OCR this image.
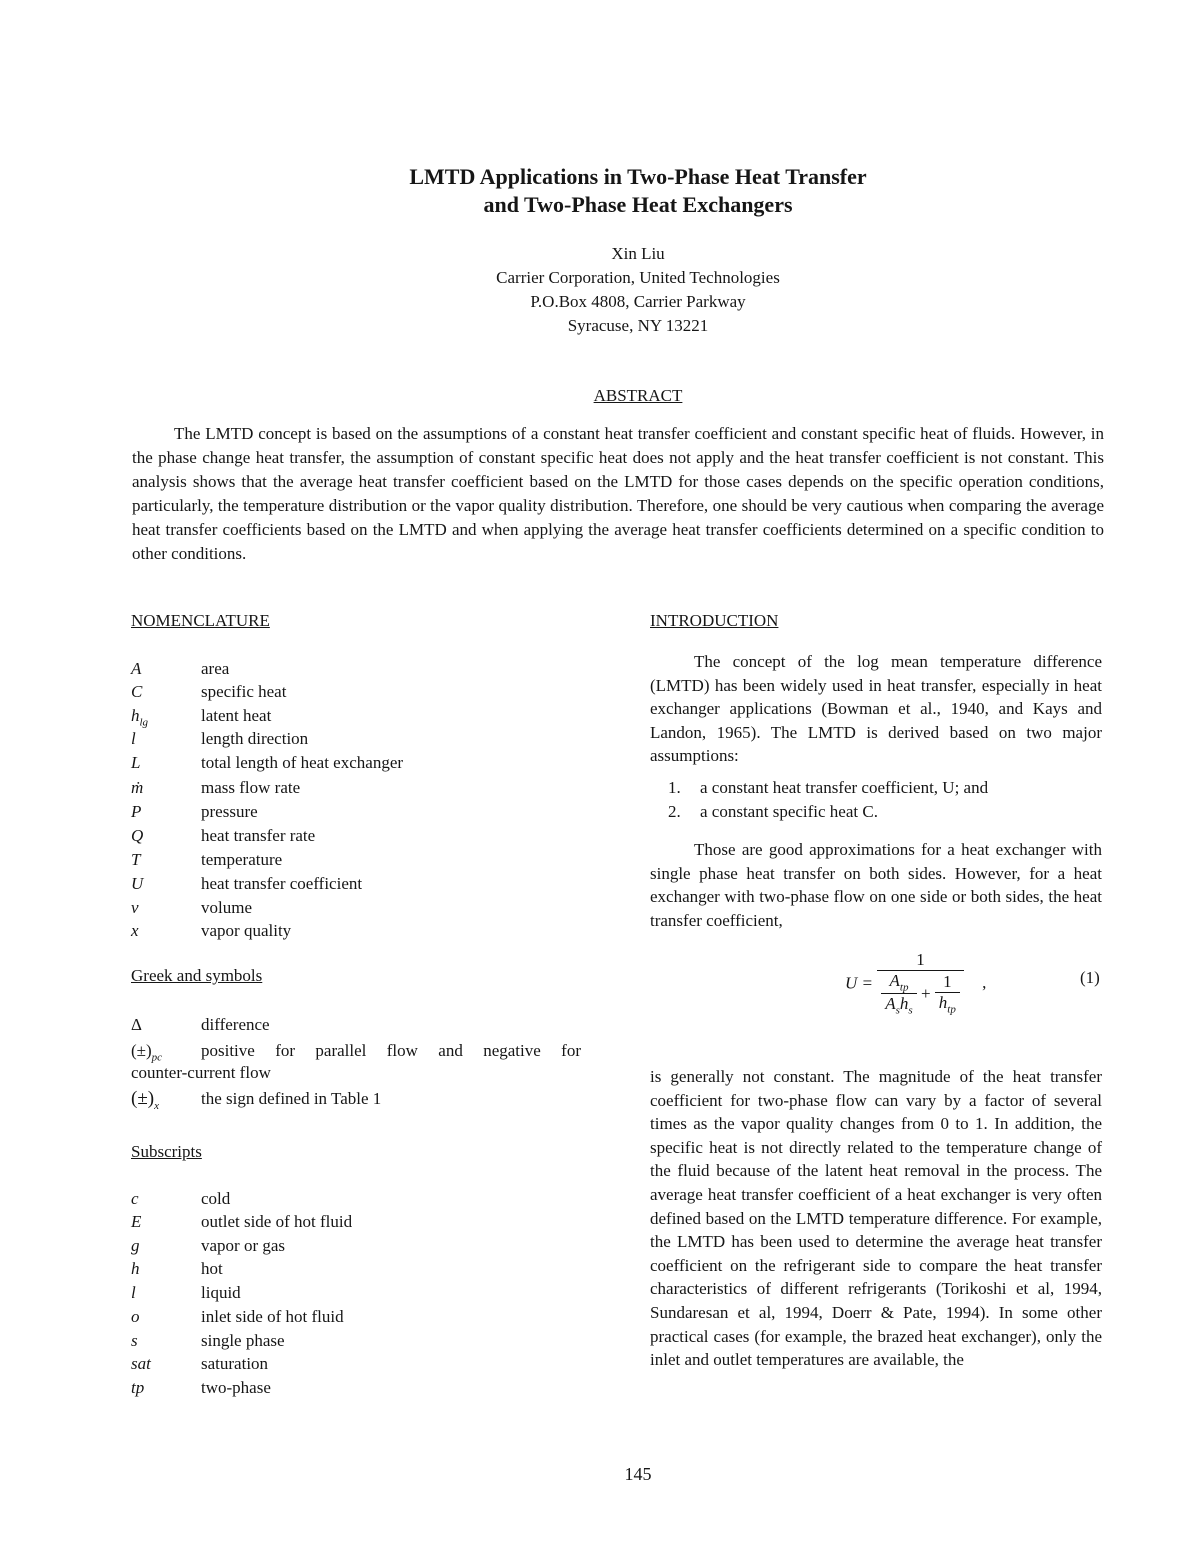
LMTD Applications in Two-Phase Heat Transfer
and Two-Phase Heat Exchangers
Xin Liu
Carrier Corporation, United Technologies
P.O.Box 4808, Carrier Parkway
Syracuse, NY 13221
ABSTRACT

The LMTD concept is based on the assumptions of a constant heat transfer coefficient and constant specific heat of fluids. However, in the phase change heat transfer, the assumption of constant specific heat does not apply and the heat transfer coefficient is not constant. This analysis shows that the average heat transfer coefficient based on the LMTD for those cases depends on the specific operation conditions, particularly, the temperature distribution or the vapor quality distribution. Therefore, one should be very cautious when comparing the average heat transfer coefficients based on the LMTD and when applying the average heat transfer coefficients determined on a specific condition to other conditions.

NOMENCLATURE
A	area
C	specific heat
$h_{lg}$	latent heat
l	length direction
L	total length of heat exchanger
ṁ	mass flow rate
P	pressure
Q	heat transfer rate
T	temperature
U	heat transfer coefficient
v	volume
x	vapor quality
Greek and symbols
Δ	difference
$(\pm)_{pc}$ positive for parallel flow and negative for
counter-current flow
$(\pm)_x$ the sign defined in Table 1
Subscripts
c	cold
E	outlet side of hot fluid
g	vapor or gas
h	hot
l	liquid
o	inlet side of hot fluid
s	single phase
sat	saturation
tp	two-phase
INTRODUCTION

The concept of the log mean temperature difference (LMTD) has been widely used in heat transfer, especially in heat exchanger applications (Bowman et al., 1940, and Kays and Landon, 1965). The LMTD is derived based on two major assumptions:

1. a constant heat transfer coefficient, U; and
2. a constant specific heat C.

Those are good approximations for a heat exchanger with single phase heat transfer on both sides. However, for a heat exchanger with two-phase flow on one side or both sides, the heat transfer coefficient,

$U = \frac{1}{\frac{A_{tp}}{A_sh_s} + \frac{1}{h_{tp}}}$ ,	(1)

is generally not constant. The magnitude of the heat transfer coefficient for two-phase flow can vary by a factor of several times as the vapor quality changes from 0 to 1. In addition, the specific heat is not directly related to the temperature change of the fluid because of the latent heat removal in the process. The average heat transfer coefficient of a heat exchanger is very often defined based on the LMTD temperature difference. For example, the LMTD has been used to determine the average heat transfer coefficient on the refrigerant side to compare the heat transfer characteristics of different refrigerants (Torikoshi et al, 1994, Sundaresan et al, 1994, Doerr & Pate, 1994). In some other practical cases (for example, the brazed heat exchanger), only the inlet and outlet temperatures are available, the

145
